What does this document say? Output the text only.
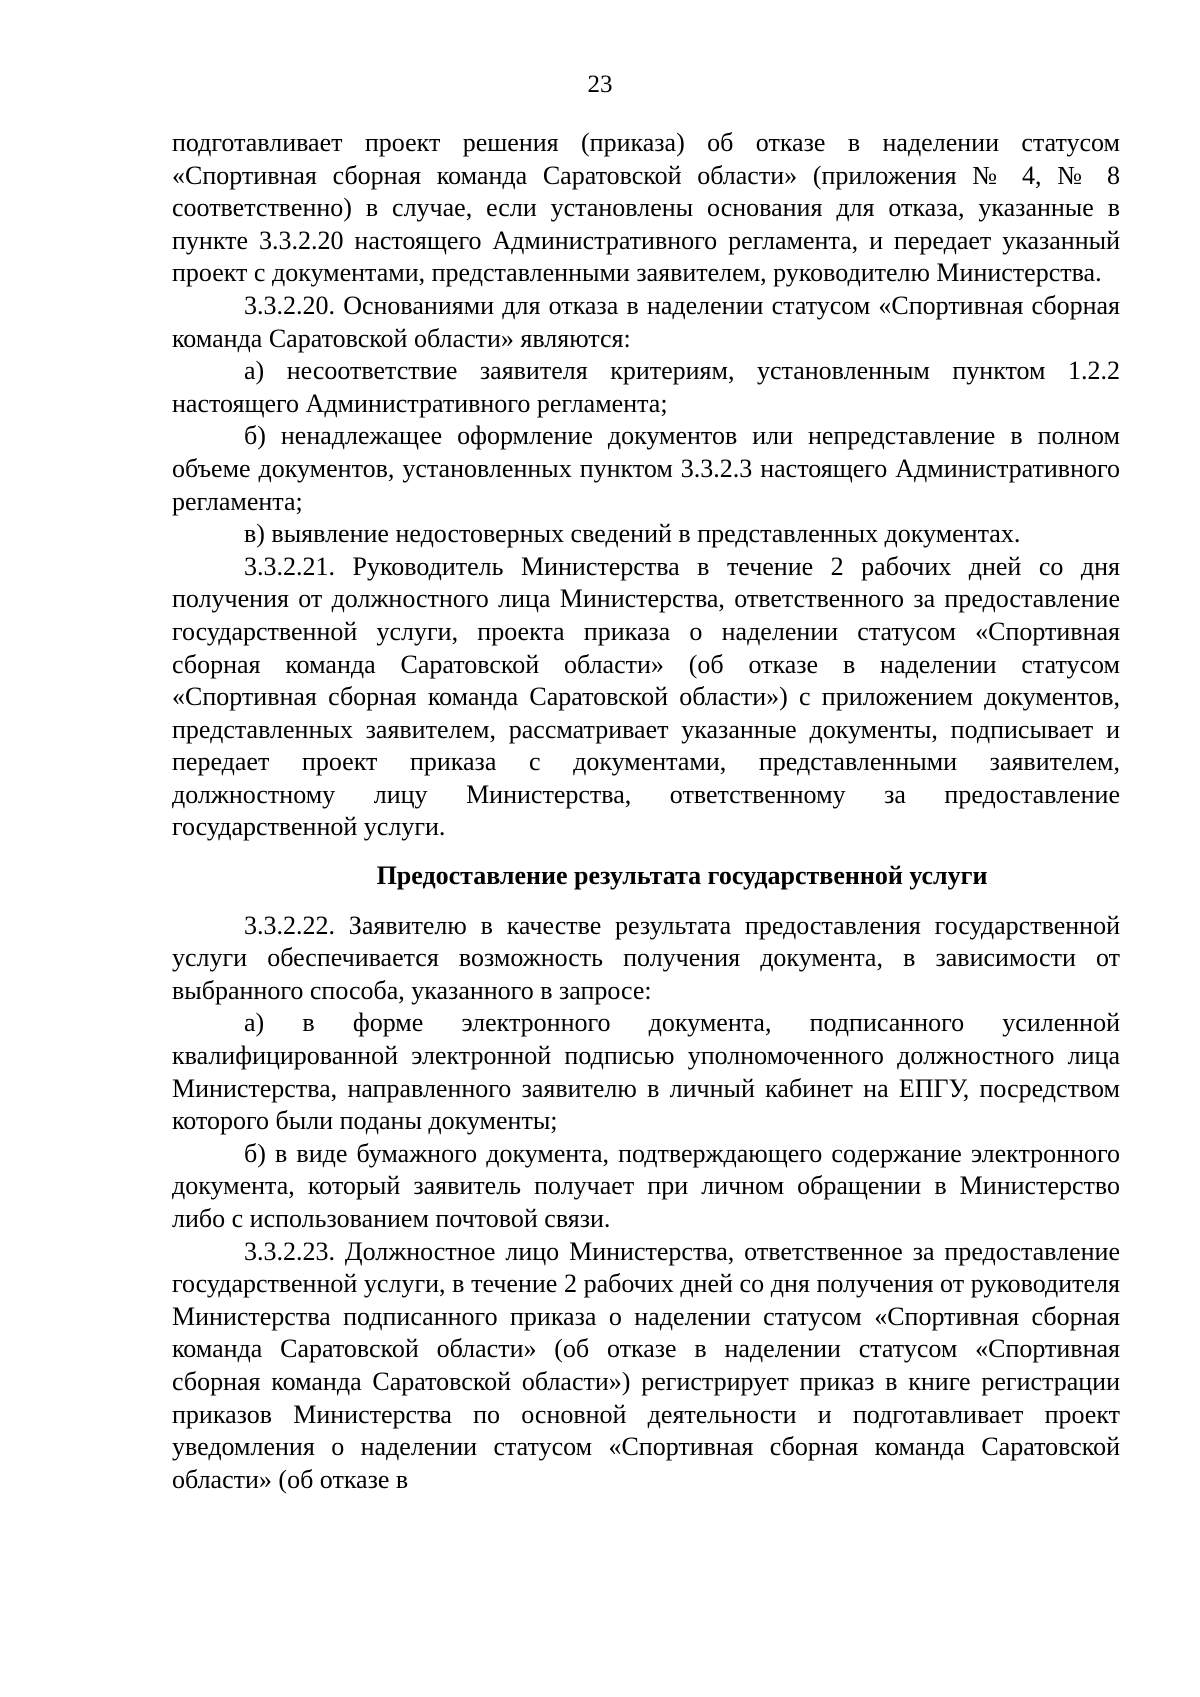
23

подготавливает проект решения (приказа) об отказе в наделении статусом «Спортивная сборная команда Саратовской области» (приложения № 4, № 8 соответственно) в случае, если установлены основания для отказа, указанные в пункте 3.3.2.20 настоящего Административного регламента, и передает указанный проект с документами, представленными заявителем, руководителю Министерства.

3.3.2.20. Основаниями для отказа в наделении статусом «Спортивная сборная команда Саратовской области» являются:

а) несоответствие заявителя критериям, установленным пунктом 1.2.2 настоящего Административного регламента;

б) ненадлежащее оформление документов или непредставление в полном объеме документов, установленных пунктом 3.3.2.3 настоящего Административного регламента;

в) выявление недостоверных сведений в представленных документах.

3.3.2.21. Руководитель Министерства в течение 2 рабочих дней со дня получения от должностного лица Министерства, ответственного за предоставление государственной услуги, проекта приказа о наделении статусом «Спортивная сборная команда Саратовской области» (об отказе в наделении статусом «Спортивная сборная команда Саратовской области») с приложением документов, представленных заявителем, рассматривает указанные документы, подписывает и передает проект приказа с документами, представленными заявителем, должностному лицу Министерства, ответственному за предоставление государственной услуги.

Предоставление результата государственной услуги

3.3.2.22. Заявителю в качестве результата предоставления государственной услуги обеспечивается возможность получения документа, в зависимости от выбранного способа, указанного в запросе:

а) в форме электронного документа, подписанного усиленной квалифицированной электронной подписью уполномоченного должностного лица Министерства, направленного заявителю в личный кабинет на ЕПГУ, посредством которого были поданы документы;

б) в виде бумажного документа, подтверждающего содержание электронного документа, который заявитель получает при личном обращении в Министерство либо с использованием почтовой связи.

3.3.2.23. Должностное лицо Министерства, ответственное за предоставление государственной услуги, в течение 2 рабочих дней со дня получения от руководителя Министерства подписанного приказа о наделении статусом «Спортивная сборная команда Саратовской области» (об отказе в наделении статусом «Спортивная сборная команда Саратовской области») регистрирует приказ в книге регистрации приказов Министерства по основной деятельности и подготавливает проект уведомления о наделении статусом «Спортивная сборная команда Саратовской области» (об отказе в
